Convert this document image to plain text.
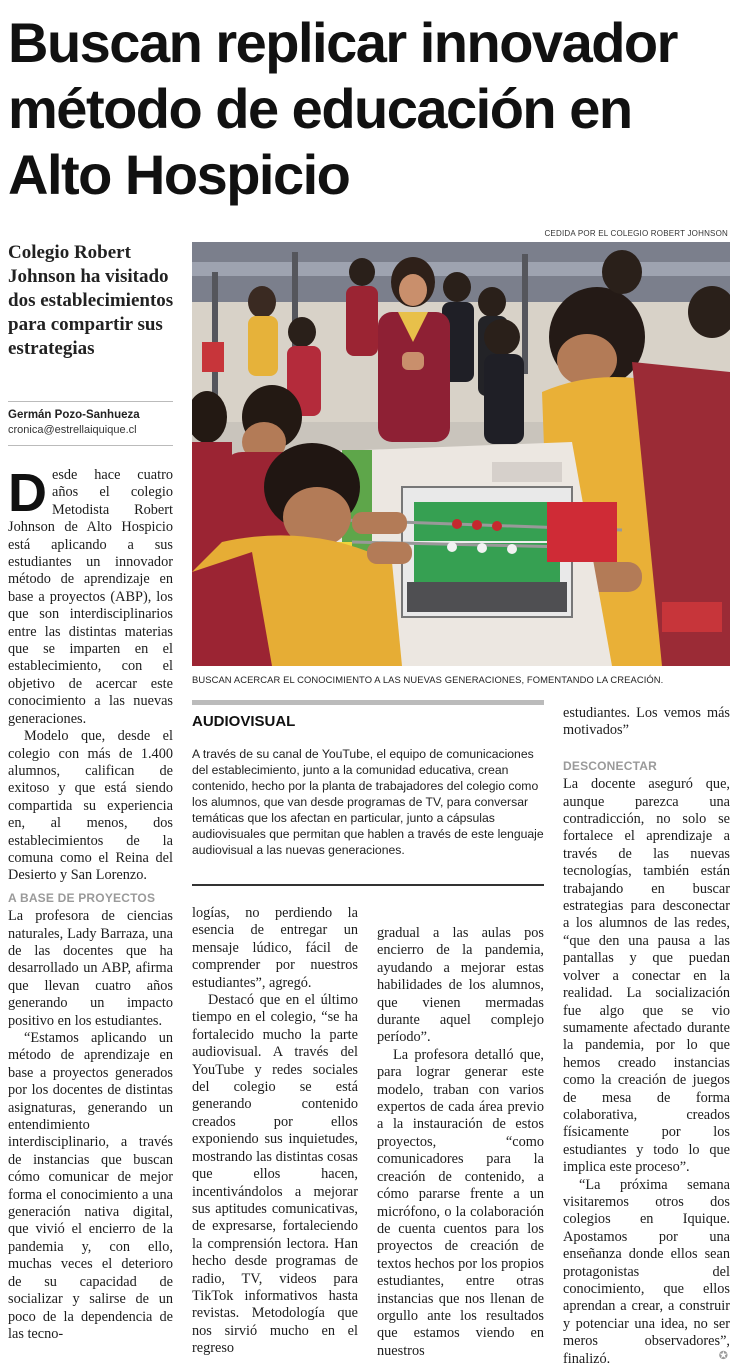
Buscan replicar innovador método de educación en Alto Hospicio
CEDIDA POR EL COLEGIO ROBERT JOHNSON
Colegio Robert Johnson ha visitado dos establecimientos para compartir sus estrategias
Germán Pozo-Sanhueza
cronica@estrellaiquique.cl
BUSCAN ACERCAR EL CONOCIMIENTO A LAS NUEVAS GENERACIONES, FOMENTANDO LA CREACIÓN.

Desde hace cuatro años el colegio Metodista Robert Johnson de Alto Hospicio está aplicando a sus estudiantes un innovador método de aprendizaje en base a proyectos (ABP), los que son interdisciplinarios entre las distintas materias que se imparten en el establecimiento, con el objetivo de acercar este conocimiento a las nuevas generaciones.

Modelo que, desde el colegio con más de 1.400 alumnos, califican de exitoso y que está siendo compartida su experiencia en, al menos, dos establecimientos de la comuna como el Reina del Desierto y San Lorenzo.

A BASE DE PROYECTOS

La profesora de ciencias naturales, Lady Barraza, una de las docentes que ha desarrollado un ABP, afirma que llevan cuatro años generando un impacto positivo en los estudiantes.

“Estamos aplicando un método de aprendizaje en base a proyectos generados por los docentes de distintas asignaturas, generando un entendimiento interdisciplinario, a través de instancias que buscan cómo comunicar de mejor forma el conocimiento a una generación nativa digital, que vivió el encierro de la pandemia y, con ello, muchas veces el deterioro de su capacidad de socializar y salirse de un poco de la dependencia de las tecno-

AUDIOVISUAL

A través de su canal de YouTube, el equipo de comunicaciones del establecimiento, junto a la comunidad educativa, crean contenido, hecho por la planta de trabajadores del colegio como los alumnos, que van desde programas de TV, para conversar temáticas que los afectan en particular, junto a cápsulas audiovisuales que permitan que hablen a través de este lenguaje audiovisual a las nuevas generaciones.

logías, no perdiendo la esencia de entregar un mensaje lúdico, fácil de comprender por nuestros estudiantes”, agregó.

Destacó que en el último tiempo en el colegio, “se ha fortalecido mucho la parte audiovisual. A través del YouTube y redes sociales del colegio se está generando contenido creados por ellos exponiendo sus inquietudes, mostrando las distintas cosas que ellos hacen, incentivándolos a mejorar sus aptitudes comunicativas, de expresarse, fortaleciendo la comprensión lectora. Han hecho desde programas de radio, TV, videos para TikTok informativos hasta revistas. Metodología que nos sirvió mucho en el regreso

gradual a las aulas pos encierro de la pandemia, ayudando a mejorar estas habilidades de los alumnos, que vienen mermadas durante aquel complejo período”.

La profesora detalló que, para lograr generar este modelo, traban con varios expertos de cada área previo a la instauración de estos proyectos, “como comunicadores para la creación de contenido, a cómo pararse frente a un micrófono, o la colaboración de cuenta cuentos para los proyectos de creación de textos hechos por los propios estudiantes, entre otras instancias que nos llenan de orgullo ante los resultados que estamos viendo en nuestros

estudiantes. Los vemos más motivados”

DESCONECTAR

La docente aseguró que, aunque parezca una contradicción, no solo se fortalece el aprendizaje a través de las nuevas tecnologías, también están trabajando en buscar estrategias para desconectar a los alumnos de las redes, “que den una pausa a las pantallas y que puedan volver a conectar en la realidad. La socialización fue algo que se vio sumamente afectado durante la pandemia, por lo que hemos creado instancias como la creación de juegos de mesa de forma colaborativa, creados físicamente por los estudiantes y todo lo que implica este proceso”.

“La próxima semana visitaremos otros dos colegios en Iquique. Apostamos por una enseñanza donde ellos sean protagonistas del conocimiento, que ellos aprendan a crear, a construir y potenciar una idea, no ser meros observadores”, finalizó.	✪
